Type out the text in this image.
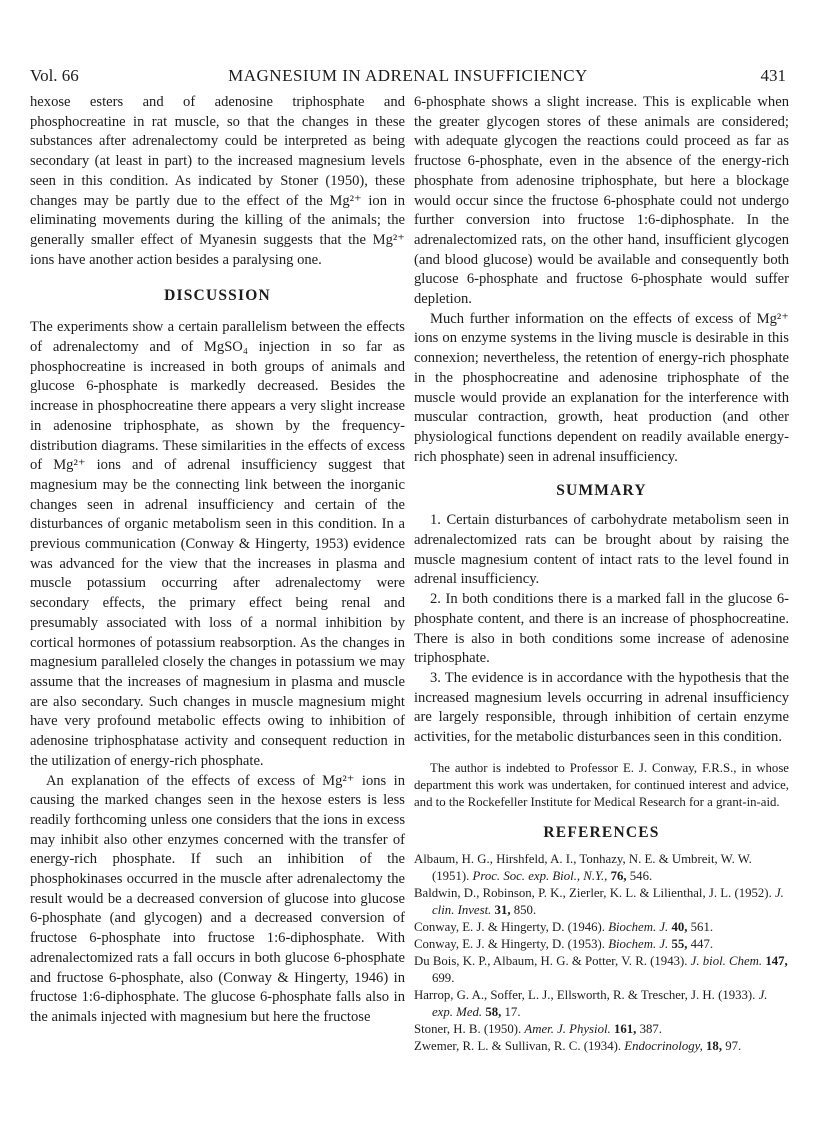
MAGNESIUM IN ADRENAL INSUFFICIENCY
Vol. 66	431

hexose esters and of adenosine triphosphate and phosphocreatine in rat muscle, so that the changes in these substances after adrenalectomy could be interpreted as being secondary (at least in part) to the increased magnesium levels seen in this condition. As indicated by Stoner (1950), these changes may be partly due to the effect of the Mg²⁺ ion in eliminating movements during the killing of the animals; the generally smaller effect of Myanesin suggests that the Mg²⁺ ions have another action besides a paralysing one.

DISCUSSION

The experiments show a certain parallelism between the effects of adrenalectomy and of MgSO₄ injection in so far as phosphocreatine is increased in both groups of animals and glucose 6-phosphate is markedly decreased. Besides the increase in phosphocreatine there appears a very slight increase in adenosine triphosphate, as shown by the frequency-distribution diagrams. These similarities in the effects of excess of Mg²⁺ ions and of adrenal insufficiency suggest that magnesium may be the connecting link between the inorganic changes seen in adrenal insufficiency and certain of the disturbances of organic metabolism seen in this condition. In a previous communication (Conway & Hingerty, 1953) evidence was advanced for the view that the increases in plasma and muscle potassium occurring after adrenalectomy were secondary effects, the primary effect being renal and presumably associated with loss of a normal inhibition by cortical hormones of potassium reabsorption. As the changes in magnesium paralleled closely the changes in potassium we may assume that the increases of magnesium in plasma and muscle are also secondary. Such changes in muscle magnesium might have very profound metabolic effects owing to inhibition of adenosine triphosphatase activity and consequent reduction in the utilization of energy-rich phosphate.

An explanation of the effects of excess of Mg²⁺ ions in causing the marked changes seen in the hexose esters is less readily forthcoming unless one considers that the ions in excess may inhibit also other enzymes concerned with the transfer of energy-rich phosphate. If such an inhibition of the phosphokinases occurred in the muscle after adrenalectomy the result would be a decreased conversion of glucose into glucose 6-phosphate (and glycogen) and a decreased conversion of fructose 6-phosphate into fructose 1:6-diphosphate. With adrenalectomized rats a fall occurs in both glucose 6-phosphate and fructose 6-phosphate, also (Conway & Hingerty, 1946) in fructose 1:6-diphosphate. The glucose 6-phosphate falls also in the animals injected with magnesium but here the fructose

6-phosphate shows a slight increase. This is explicable when the greater glycogen stores of these animals are considered; with adequate glycogen the reactions could proceed as far as fructose 6-phosphate, even in the absence of the energy-rich phosphate from adenosine triphosphate, but here a blockage would occur since the fructose 6-phosphate could not undergo further conversion into fructose 1:6-diphosphate. In the adrenalectomized rats, on the other hand, insufficient glycogen (and blood glucose) would be available and consequently both glucose 6-phosphate and fructose 6-phosphate would suffer depletion.

Much further information on the effects of excess of Mg²⁺ ions on enzyme systems in the living muscle is desirable in this connexion; nevertheless, the retention of energy-rich phosphate in the phosphocreatine and adenosine triphosphate of the muscle would provide an explanation for the interference with muscular contraction, growth, heat production (and other physiological functions dependent on readily available energy-rich phosphate) seen in adrenal insufficiency.

SUMMARY

1. Certain disturbances of carbohydrate metabolism seen in adrenalectomized rats can be brought about by raising the muscle magnesium content of intact rats to the level found in adrenal insufficiency.

2. In both conditions there is a marked fall in the glucose 6-phosphate content, and there is an increase of phosphocreatine. There is also in both conditions some increase of adenosine triphosphate.

3. The evidence is in accordance with the hypothesis that the increased magnesium levels occurring in adrenal insufficiency are largely responsible, through inhibition of certain enzyme activities, for the metabolic disturbances seen in this condition.

The author is indebted to Professor E. J. Conway, F.R.S., in whose department this work was undertaken, for continued interest and advice, and to the Rockefeller Institute for Medical Research for a grant-in-aid.

REFERENCES

Albaum, H. G., Hirshfeld, A. I., Tonhazy, N. E. & Umbreit, W. W. (1951). Proc. Soc. exp. Biol., N.Y., 76, 546.

Baldwin, D., Robinson, P. K., Zierler, K. L. & Lilienthal, J. L. (1952). J. clin. Invest. 31, 850.

Conway, E. J. & Hingerty, D. (1946). Biochem. J. 40, 561.

Conway, E. J. & Hingerty, D. (1953). Biochem. J. 55, 447.

Du Bois, K. P., Albaum, H. G. & Potter, V. R. (1943). J. biol. Chem. 147, 699.

Harrop, G. A., Soffer, L. J., Ellsworth, R. & Trescher, J. H. (1933). J. exp. Med. 58, 17.

Stoner, H. B. (1950). Amer. J. Physiol. 161, 387.

Zwemer, R. L. & Sullivan, R. C. (1934). Endocrinology, 18, 97.
